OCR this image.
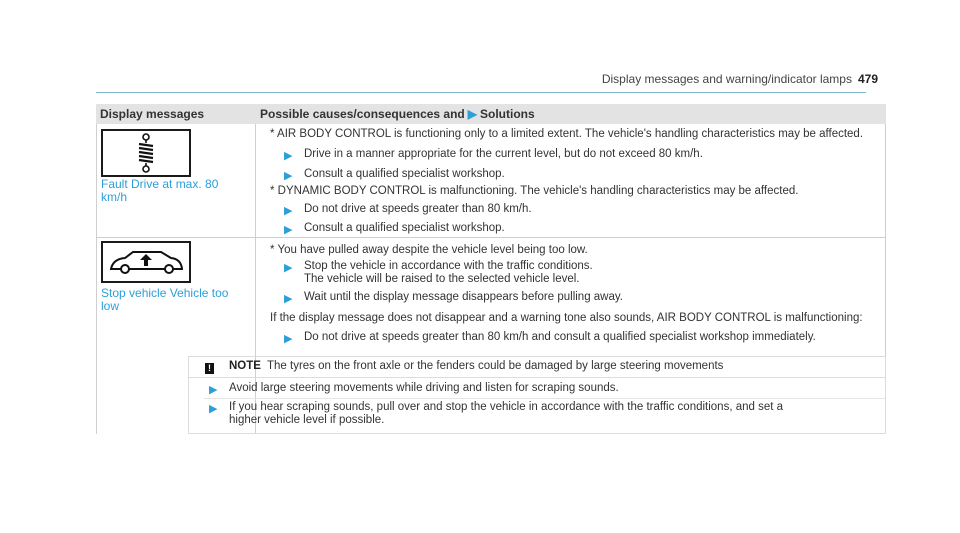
Display messages and warning/indicator lamps 479
Display messages	Possible causes/consequences and ▶ Solutions
Fault Drive at max. 80 km/h
* AIR BODY CONTROL is functioning only to a limited extent. The vehicle's handling characteristics may be affected.
▶ Drive in a manner appropriate for the current level, but do not exceed 80 km/h.
▶ Consult a qualified specialist workshop.
* DYNAMIC BODY CONTROL is malfunctioning. The vehicle's handling characteristics may be affected.
▶ Do not drive at speeds greater than 80 km/h.
▶ Consult a qualified specialist workshop.
Stop vehicle Vehicle too low
* You have pulled away despite the vehicle level being too low.
▶ Stop the vehicle in accordance with the traffic conditions.
The vehicle will be raised to the selected vehicle level.
▶ Wait until the display message disappears before pulling away.
If the display message does not disappear and a warning tone also sounds, AIR BODY CONTROL is malfunctioning:
▶ Do not drive at speeds greater than 80 km/h and consult a qualified specialist workshop immediately.
! NOTE The tyres on the front axle or the fenders could be damaged by large steering movements
▶ Avoid large steering movements while driving and listen for scraping sounds.
▶ If you hear scraping sounds, pull over and stop the vehicle in accordance with the traffic conditions, and set a
higher vehicle level if possible.
